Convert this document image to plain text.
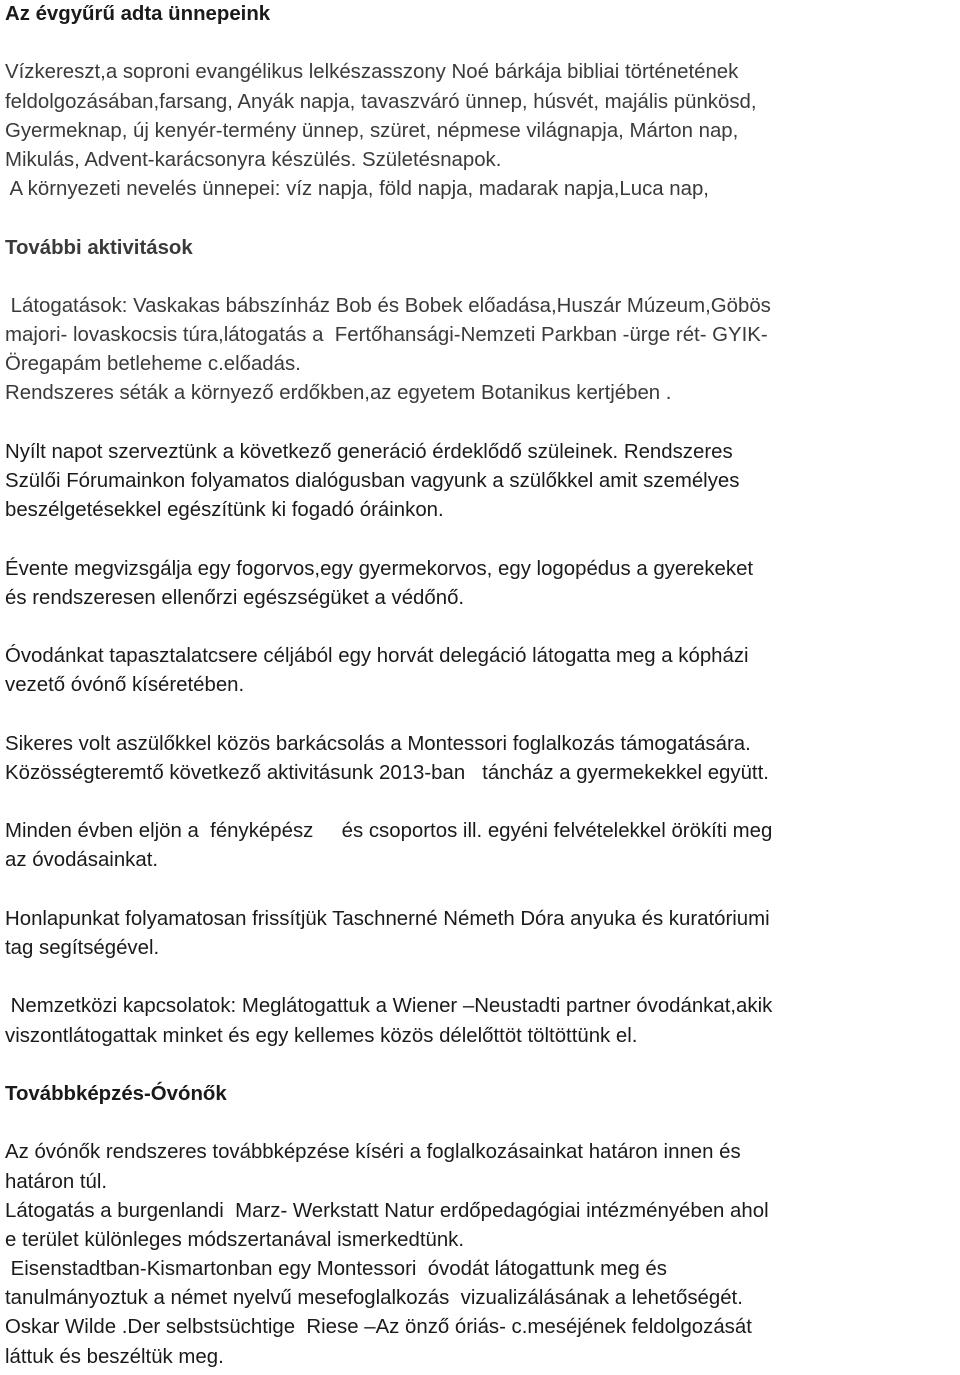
Az évgyűrű adta ünnepeink
Vízkereszt,a soproni evangélikus lelkészasszony Noé bárkája bibliai történetének
feldolgozásában,farsang, Anyák napja, tavaszváró ünnep, húsvét, majális pünkösd,
Gyermeknap, új kenyér-termény ünnep, szüret, népmese világnapja, Márton nap,
Mikulás, Advent-karácsonyra készülés. Születésnapok.
A környezeti nevelés ünnepei: víz napja, föld napja, madarak napja,Luca nap,
További aktivitások
Látogatások: Vaskakas bábszínház Bob és Bobek előadása,Huszár Múzeum,Göbös
majori- lovaskocsis túra,látogatás a  Fertőhansági-Nemzeti Parkban -ürge rét- GYIK-
Öregapám betleheme c.előadás.
Rendszeres séták a környező erdőkben,az egyetem Botanikus kertjében .
Nyílt napot szerveztünk a következő generáció érdeklődő szüleinek. Rendszeres
Szülői Fórumainkon folyamatos dialógusban vagyunk a szülőkkel amit személyes
beszélgetésekkel egészítünk ki fogadó óráinkon.
Évente megvizsgálja egy fogorvos,egy gyermekorvos, egy logopédus a gyerekeket
és rendszeresen ellenőrzi egészségüket a védőnő.
Óvodánkat tapasztalatcsere céljából egy horvát delegáció látogatta meg a kópházi
vezető óvónő kíséretében.
Sikeres volt aszülőkkel közös barkácsolás a Montessori foglalkozás támogatására.
Közösségteremtő következő aktivitásunk 2013-ban   táncház a gyermekekkel együtt.
Minden évben eljön a  fényképész     és csoportos ill. egyéni felvételekkel örökíti meg
az óvodásainkat.
Honlapunkat folyamatosan frissítjük Taschnerné Németh Dóra anyuka és kuratóriumi
tag segítségével.
Nemzetközi kapcsolatok: Meglátogattuk a Wiener –Neustadti partner óvodánkat,akik
viszontlátogattak minket és egy kellemes közös délelőttöt töltöttünk el.
Továbbképzés-Óvónők
Az óvónők rendszeres továbbképzése kíséri a foglalkozásainkat határon innen és
határon túl.
Látogatás a burgenlandi  Marz- Werkstatt Natur erdőpedagógiai intézményében ahol
e terület különleges módszertanával ismerkedtünk.
Eisenstadtban-Kismartonban egy Montessori  óvodát látogattunk meg és
tanulmányoztuk a német nyelvű mesefoglalkozás  vizualizálásának a lehetőségét.
Oskar Wilde .Der selbstsüchtige  Riese –Az önző óriás- c.meséjének feldolgozását
láttuk és beszéltük meg.
